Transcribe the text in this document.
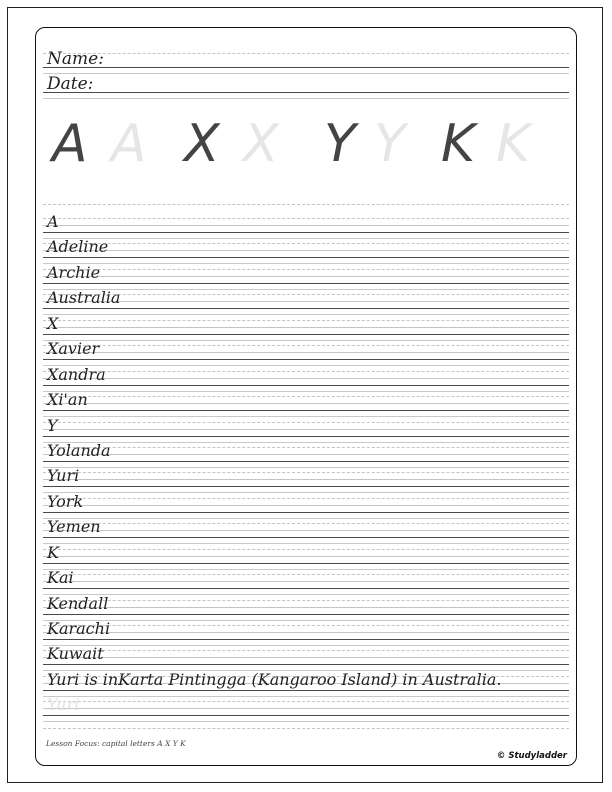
Name:
Date:
A A X X Y Y K K
A
Adeline
Archie
Australia
X
Xavier
Xandra
Xi'an
Y
Yolanda
Yuri
York
Yemen
K
Kai
Kendall
Karachi
Kuwait
Yuri is inKarta Pintingga (Kangaroo Island) in Australia.
Yuri
Lesson Focus: capital letters A X Y K
© Studyladder
